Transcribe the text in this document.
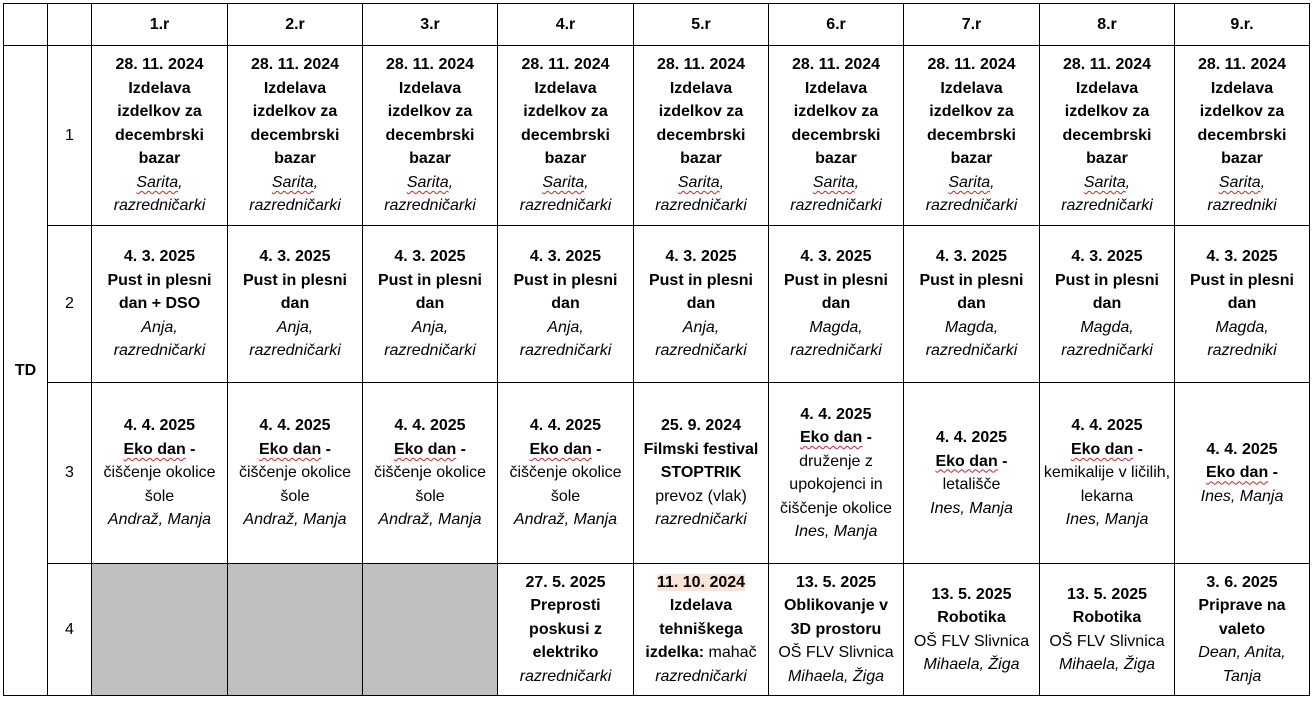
		1.r	2.r	3.r	4.r	5.r	6.r	7.r	8.r	9.r.
TD	1	28. 11. 2024
Izdelava izdelkov za decembrski bazar
Sarita, razredničarki	28. 11. 2024
Izdelava izdelkov za decembrski bazar
Sarita, razredničarki	28. 11. 2024
Izdelava izdelkov za decembrski bazar
Sarita, razredničarki	28. 11. 2024
Izdelava izdelkov za decembrski bazar
Sarita, razredničarki	28. 11. 2024
Izdelava izdelkov za decembrski bazar
Sarita, razredničarki	28. 11. 2024
Izdelava izdelkov za decembrski bazar
Sarita, razredničarki	28. 11. 2024
Izdelava izdelkov za decembrski bazar
Sarita, razredničarki	28. 11. 2024
Izdelava izdelkov za decembrski bazar
Sarita, razredničarki	28. 11. 2024
Izdelava izdelkov za decembrski bazar
Sarita,
razredniki

	2	4. 3. 2025
Pust in plesni dan + DSO
Anja,
razredničarki	4. 3. 2025
Pust in plesni dan
Anja,
razredničarki	4. 3. 2025
Pust in plesni dan
Anja,
razredničarki	4. 3. 2025
Pust in plesni dan
Anja,
razredničarki	4. 3. 2025
Pust in plesni dan
Anja,
razredničarki	4. 3. 2025
Pust in plesni dan
Magda,
razredničarki	4. 3. 2025
Pust in plesni dan
Magda,
razredničarki	4. 3. 2025
Pust in plesni dan
Magda,
razredničarki	4. 3. 2025
Pust in plesni dan
Magda,
razredniki

	3	4. 4. 2025
Eko dan -
čiščenje okolice šole
Andraž, Manja	4. 4. 2025
Eko dan -
čiščenje okolice šole
Andraž, Manja	4. 4. 2025
Eko dan -
čiščenje okolice šole
Andraž, Manja	4. 4. 2025
Eko dan -
čiščenje okolice šole
Andraž, Manja	25. 9. 2024
Filmski festival STOPTRIK
prevoz (vlak)
razredničarki	4. 4. 2025
Eko dan -
druženje z upokojenci in čiščenje okolice
Ines, Manja	4. 4. 2025
Eko dan -
letališče
Ines, Manja	4. 4. 2025
Eko dan -
kemikalije v ličilih, lekarna
Ines, Manja	4. 4. 2025
Eko dan -
Ines, Manja

	4				27. 5. 2025
Preprosti poskusi z elektriko
razredničarki	11. 10. 2024
Izdelava tehniškega izdelka: mahač
razredničarki	13. 5. 2025
Oblikovanje v 3D prostoru
OŠ FLV Slivnica
Mihaela, Žiga	13. 5. 2025
Robotika
OŠ FLV Slivnica
Mihaela, Žiga	13. 5. 2025
Robotika
OŠ FLV Slivnica
Mihaela, Žiga	3. 6. 2025
Priprave na valeto
Dean, Anita, Tanja
